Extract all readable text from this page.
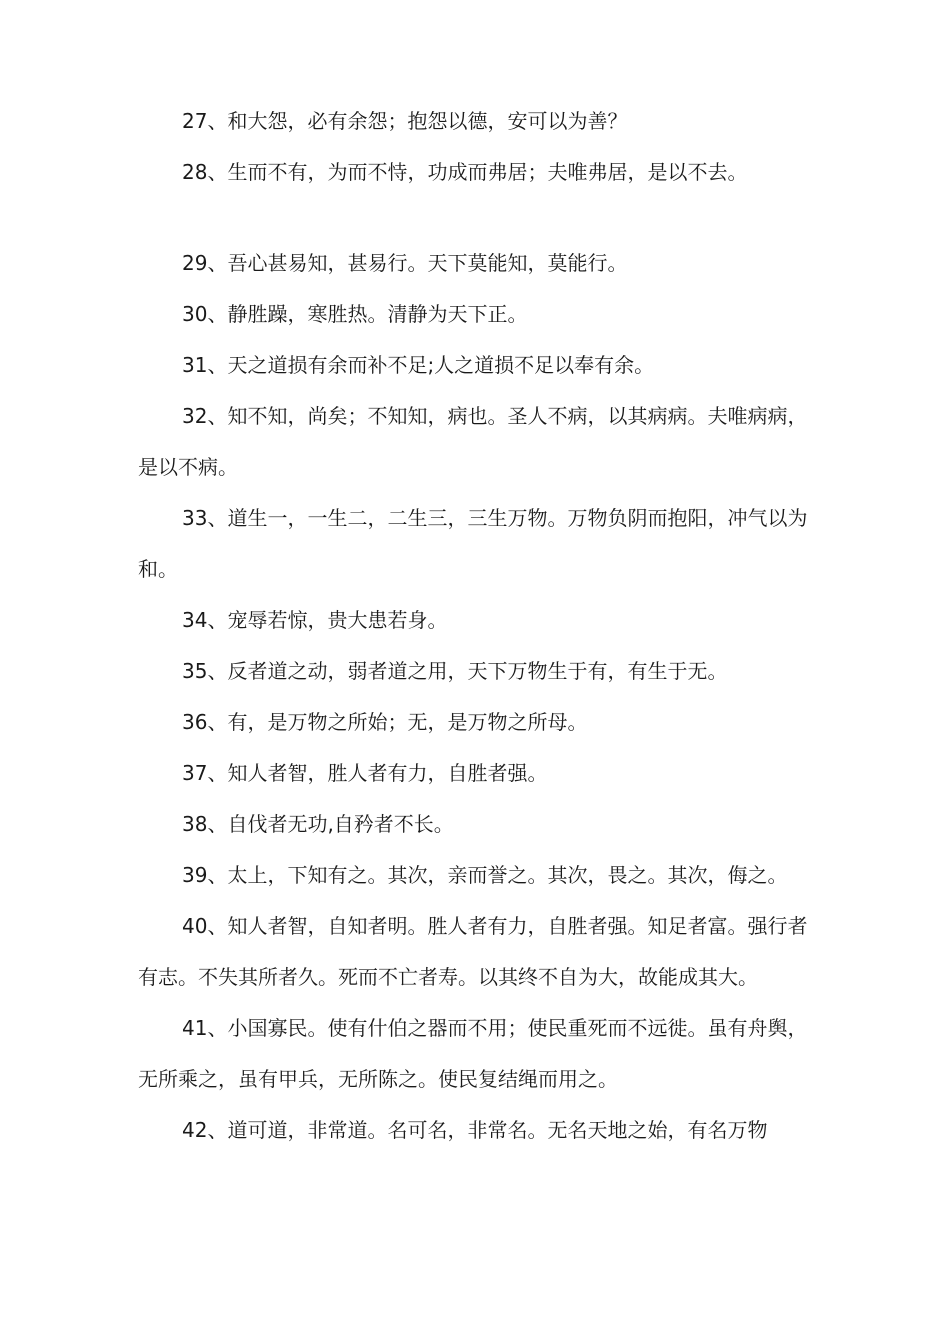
27、和大怨，必有余怨；抱怨以德，安可以为善？

28、生而不有，为而不恃，功成而弗居；夫唯弗居，是以不去。

29、吾心甚易知，甚易行。天下莫能知，莫能行。

30、静胜躁，寒胜热。清静为天下正。

31、天之道损有余而补不足;人之道损不足以奉有余。

32、知不知，尚矣；不知知，病也。圣人不病，以其病病。夫唯病病，是以不病。

33、道生一，一生二，二生三，三生万物。万物负阴而抱阳，冲气以为和。

34、宠辱若惊，贵大患若身。

35、反者道之动，弱者道之用，天下万物生于有，有生于无。

36、有，是万物之所始；无，是万物之所母。

37、知人者智，胜人者有力，自胜者强。

38、自伐者无功,自矜者不长。

39、太上，下知有之。其次，亲而誉之。其次，畏之。其次，侮之。

40、知人者智，自知者明。胜人者有力，自胜者强。知足者富。强行者有志。不失其所者久。死而不亡者寿。以其终不自为大，故能成其大。

41、小国寡民。使有什伯之器而不用；使民重死而不远徙。虽有舟舆，无所乘之，虽有甲兵，无所陈之。使民复结绳而用之。

42、道可道，非常道。名可名，非常名。无名天地之始，有名万物
